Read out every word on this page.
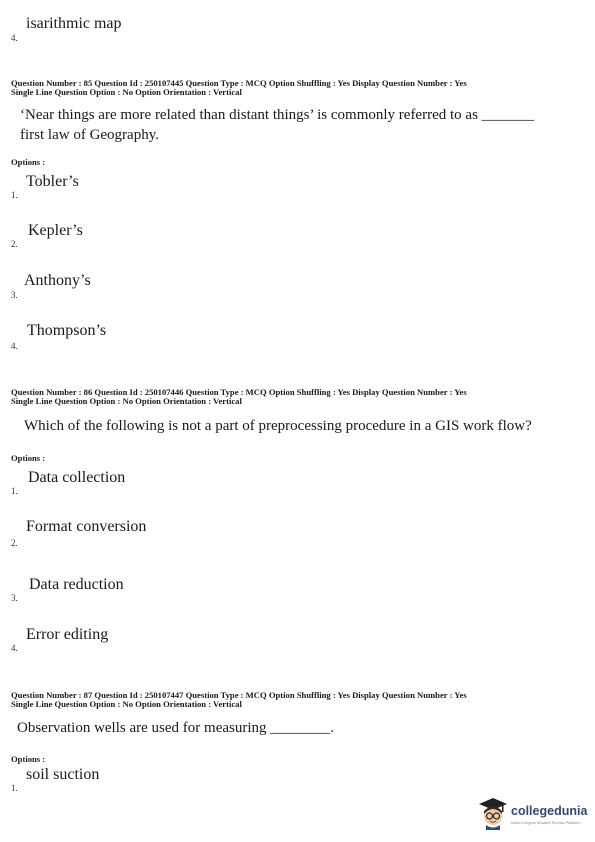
4.
isarithmic map
Question Number : 85 Question Id : 250107445 Question Type : MCQ Option Shuffling : Yes Display Question Number : Yes
Single Line Question Option : No Option Orientation : Vertical
‘Near things are more related than distant things’ is commonly referred to as _______
first law of Geography.
Options :
1.
Tobler’s
2.
Kepler’s
3.
Anthony’s
4.
Thompson’s
Question Number : 86 Question Id : 250107446 Question Type : MCQ Option Shuffling : Yes Display Question Number : Yes
Single Line Question Option : No Option Orientation : Vertical
Which of the following is not a part of preprocessing procedure in a GIS work flow?
Options :
1.
Data collection
2.
Format conversion
3.
Data reduction
4.
Error editing
Question Number : 87 Question Id : 250107447 Question Type : MCQ Option Shuffling : Yes Display Question Number : Yes
Single Line Question Option : No Option Orientation : Vertical
Observation wells are used for measuring ________.
Options :
1.
soil suction
collegedunia
India's largest Student Review Platform
